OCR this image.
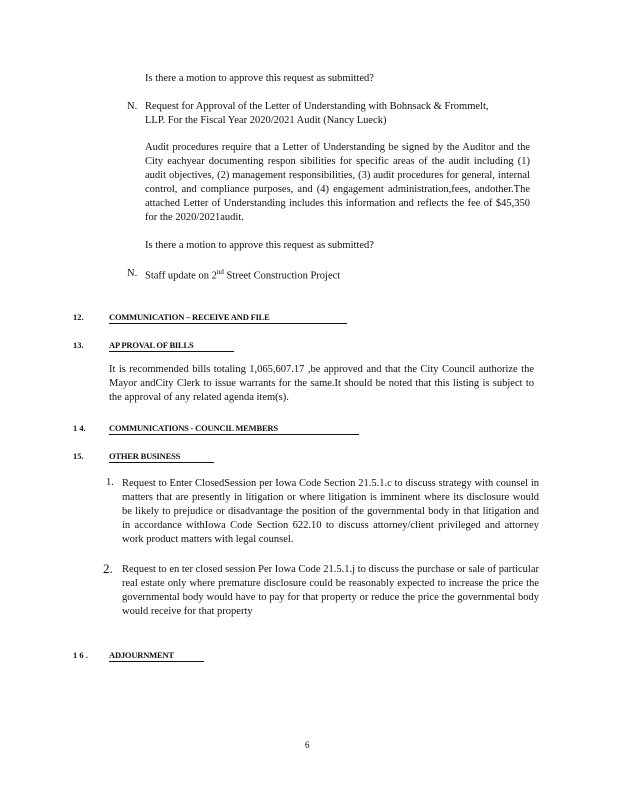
Is there a motion to approve this request as submitted?
N. Request for Approval of the Letter of Understanding with Bohnsack & Frommelt,
LLP. For the Fiscal Year 2020/2021 Audit (Nancy Lueck)
Audit procedures require that a Letter of Understanding be signed by the Auditor and the City eachyear documenting respon sibilities for specific areas of the audit including (1) audit objectives, (2) management responsibilities, (3) audit procedures for general, internal control, and compliance purposes, and (4) engagement administration,fees, andother.The attached Letter of Understanding includes this information and reflects the fee of $45,350 for the 2020/2021audit.
Is there a motion to approve this request as submitted?
N. Staff update on 2nd Street Construction Project
12.	COMMUNICATION – RECEIVE AND FILE
13.	AP PROVAL OF BILLS
It is recommended bills totaling 1,065,607.17 ,be approved and that the City Council authorize the Mayor andCity Clerk to issue warrants for the same.It should be noted that this listing is subject to the approval of any related agenda item(s).
1 4.	COMMUNICATIONS - COUNCIL MEMBERS
15.	OTHER BUSINESS
1. Request to Enter ClosedSession per Iowa Code Section 21.5.1.c to discuss strategy with counsel in matters that are presently in litigation or where litigation is imminent where its disclosure would be likely to prejudice or disadvantage the position of the governmental body in that litigation and in accordance withIowa Code Section 622.10 to discuss attorney/client privileged and attorney work product matters with legal counsel.
2. Request to en ter closed session Per Iowa Code 21.5.1.j to discuss the purchase or sale of particular real estate only where premature disclosure could be reasonably expected to increase the price the governmental body would have to pay for that property or reduce the price the governmental body would receive for that property
1 6 . ADJOURNMENT
6
